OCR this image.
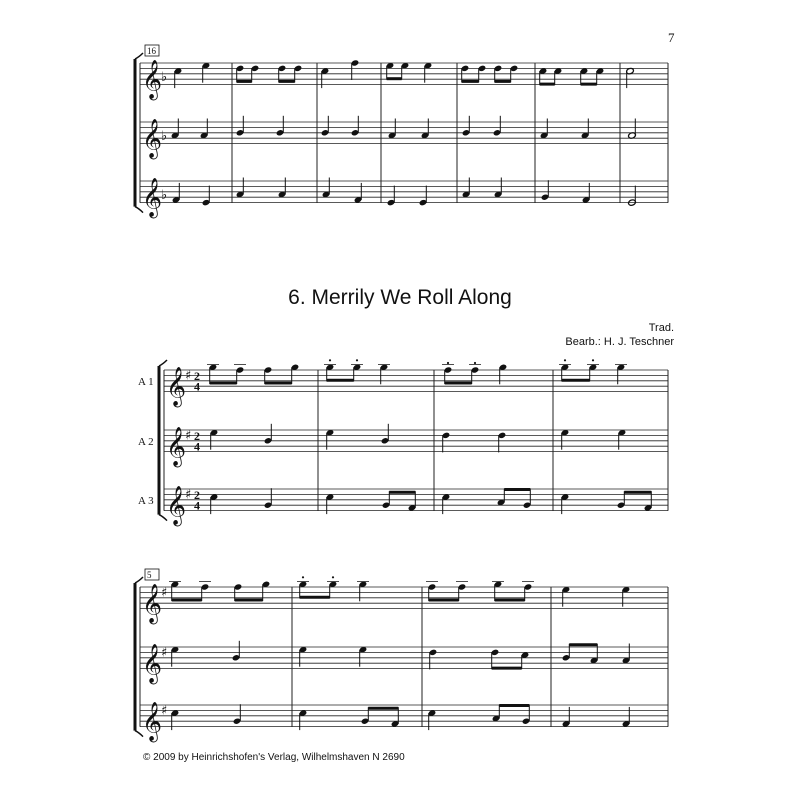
7
6. Merrily We Roll Along
Trad.
Bearb.: H. J. Teschner
© 2009 by Heinrichshofen's Verlag, Wilhelmshaven N 2690
𝄞
♭
𝄞
♭
𝄞
♭
16
𝄞
♯ 2
4
A 1
𝄞
♯ 2
4
A 2
𝄞
♯ 2
4
A 3
𝄞
♯
𝄞
♯
𝄞
♯
5
